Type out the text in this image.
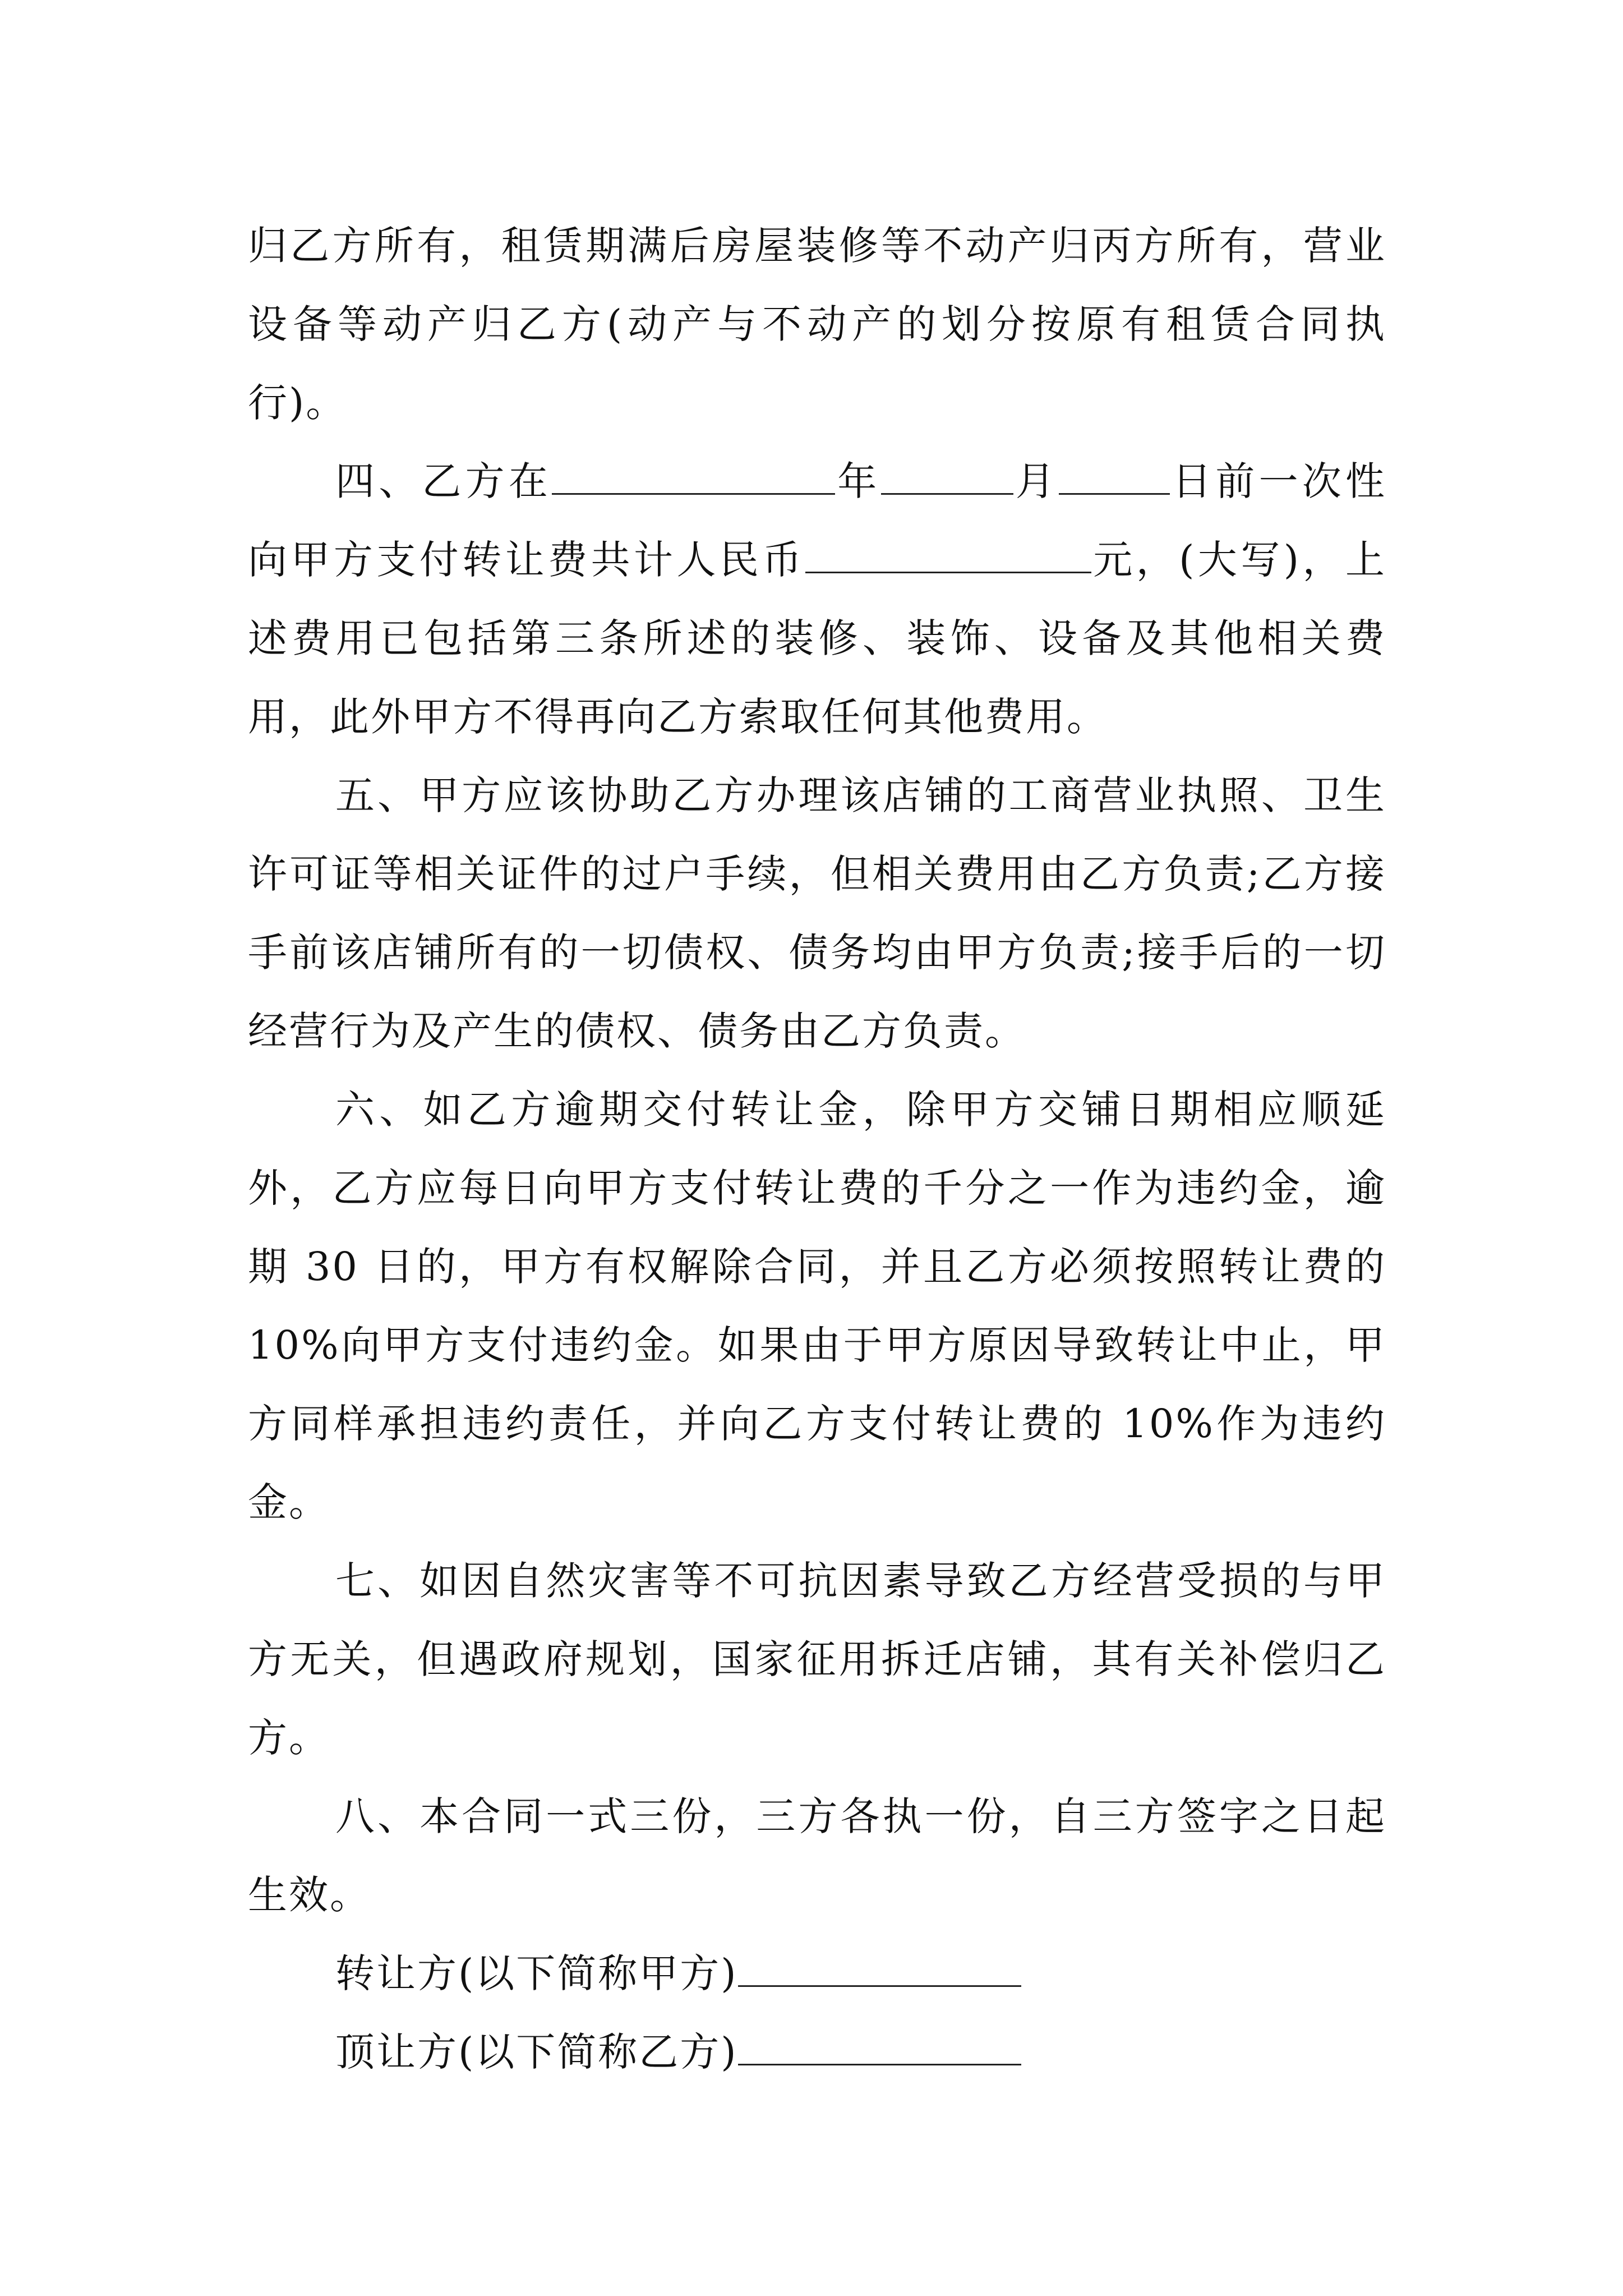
归乙方所有，租赁期满后房屋装修等不动产归丙方所有，营业设备等动产归乙方(动产与不动产的划分按原有租赁合同执行)。

四、乙方在	年	月	日前一次性向甲方支付转让费共计人民币	元，(大写)，上述费用已包括第三条所述的装修、装饰、设备及其他相关费用，此外甲方不得再向乙方索取任何其他费用。

五、甲方应该协助乙方办理该店铺的工商营业执照、卫生许可证等相关证件的过户手续，但相关费用由乙方负责;乙方接手前该店铺所有的一切债权、债务均由甲方负责;接手后的一切经营行为及产生的债权、债务由乙方负责。

六、如乙方逾期交付转让金，除甲方交铺日期相应顺延外，乙方应每日向甲方支付转让费的千分之一作为违约金，逾期 30 日的，甲方有权解除合同，并且乙方必须按照转让费的 10%向甲方支付违约金。如果由于甲方原因导致转让中止，甲方同样承担违约责任，并向乙方支付转让费的 10%作为违约金。

七、如因自然灾害等不可抗因素导致乙方经营受损的与甲方无关，但遇政府规划，国家征用拆迁店铺，其有关补偿归乙方。

八、本合同一式三份，三方各执一份，自三方签字之日起生效。

转让方(以下简称甲方)

顶让方(以下简称乙方)
